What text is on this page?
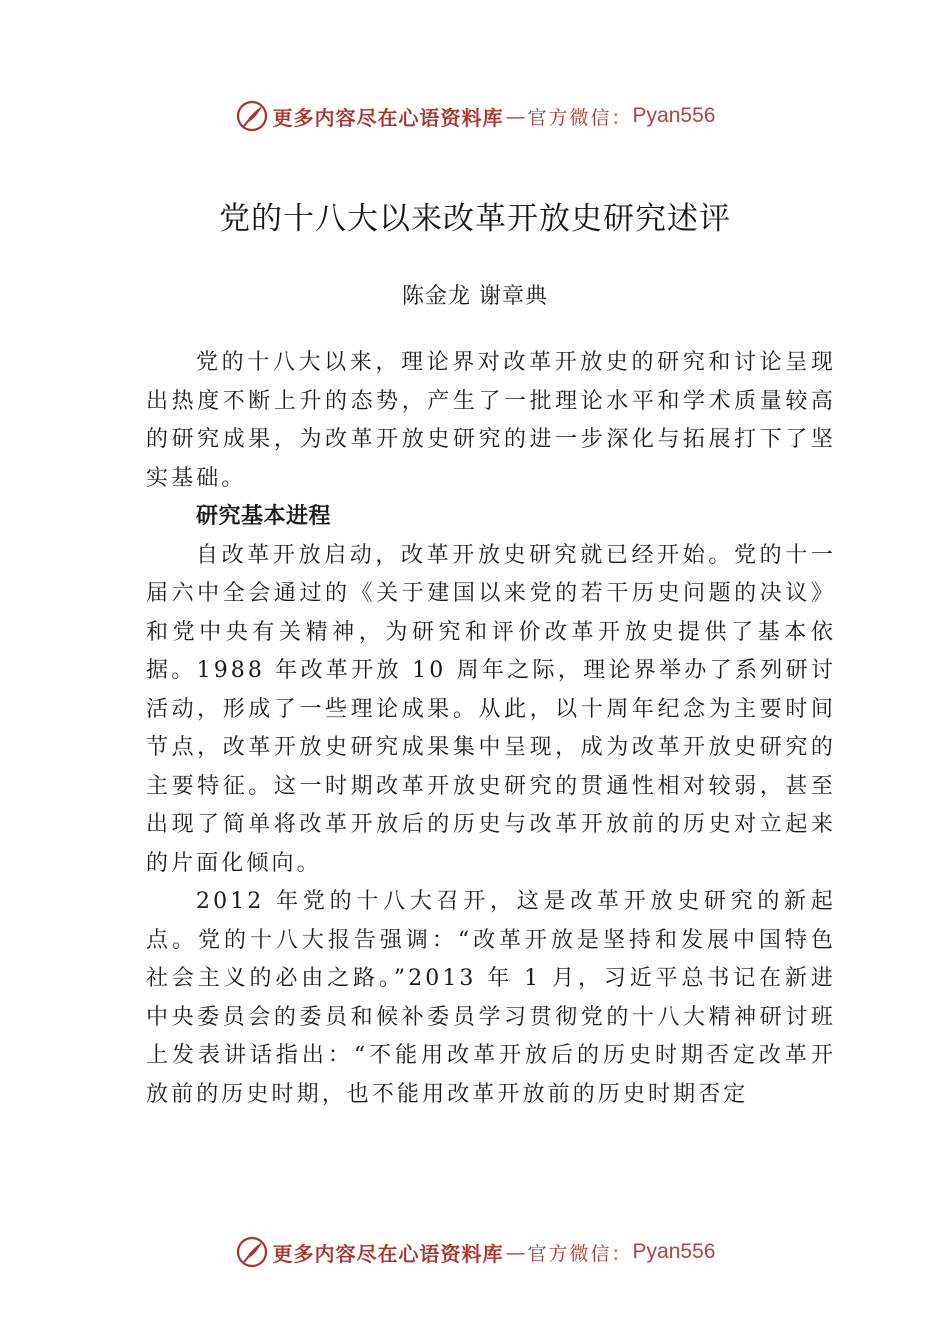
更多内容尽在心语资料库 — 官方微信： Pyan556
党的十八大以来改革开放史研究述评
陈金龙 谢章典

党的十八大以来，理论界对改革开放史的研究和讨论呈现出热度不断上升的态势，产生了一批理论水平和学术质量较高的研究成果，为改革开放史研究的进一步深化与拓展打下了坚实基础。

研究基本进程

自改革开放启动，改革开放史研究就已经开始。党的十一届六中全会通过的《关于建国以来党的若干历史问题的决议》和党中央有关精神，为研究和评价改革开放史提供了基本依据。1988 年改革开放 10 周年之际，理论界举办了系列研讨活动，形成了一些理论成果。从此，以十周年纪念为主要时间节点，改革开放史研究成果集中呈现，成为改革开放史研究的主要特征。这一时期改革开放史研究的贯通性相对较弱，甚至出现了简单将改革开放后的历史与改革开放前的历史对立起来的片面化倾向。

2012 年党的十八大召开，这是改革开放史研究的新起点。党的十八大报告强调：“改革开放是坚持和发展中国特色社会主义的必由之路。”2013 年 1 月，习近平总书记在新进中央委员会的委员和候补委员学习贯彻党的十八大精神研讨班上发表讲话指出：“不能用改革开放后的历史时期否定改革开放前的历史时期，也不能用改革开放前的历史时期否定

更多内容尽在心语资料库 — 官方微信： Pyan556
